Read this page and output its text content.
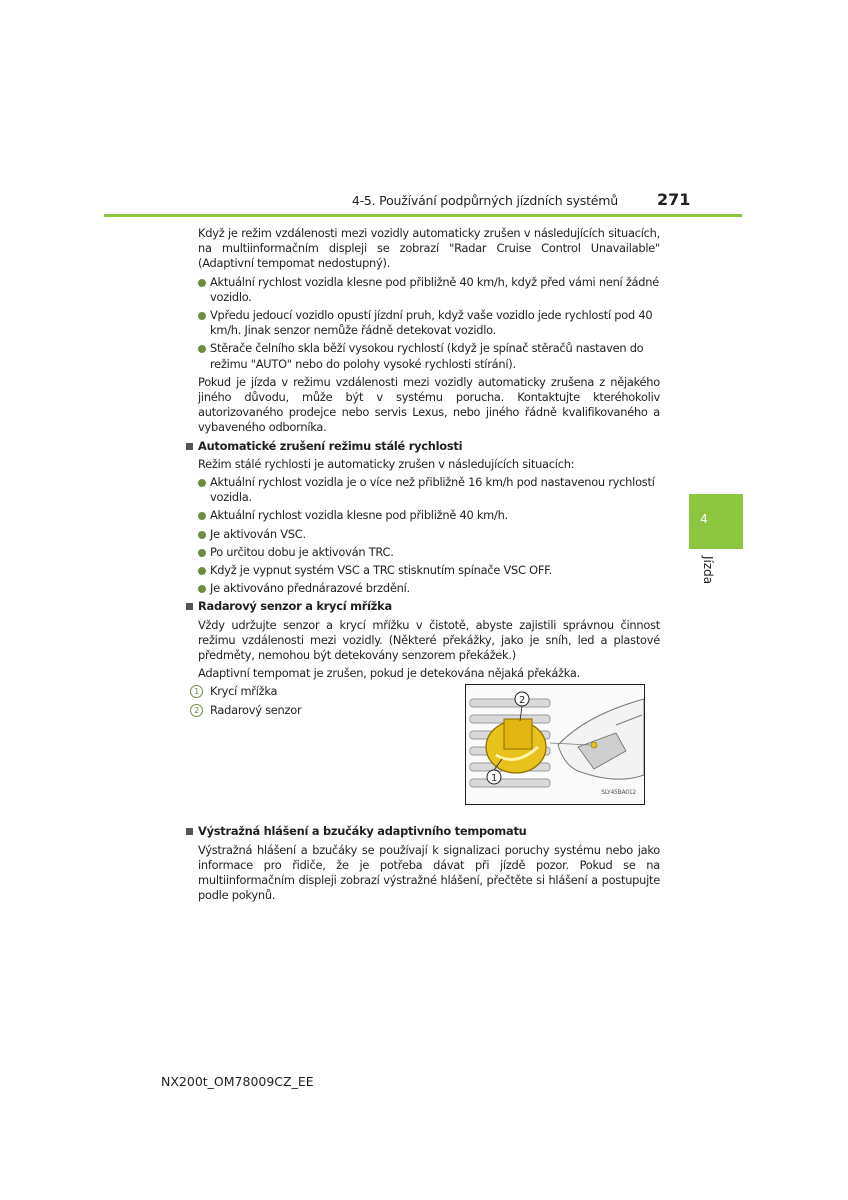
4-5. Používání podpůrných jízdních systémů 271
4
Jízda

Když je režim vzdálenosti mezi vozidly automaticky zrušen v následujících situacích, na multiinformačním displeji se zobrazí "Radar Cruise Control Unavailable" (Adaptivní tempomat nedostupný).

Aktuální rychlost vozidla klesne pod přibližně 40 km/h, když před vámi není žádné vozidlo.
Vpředu jedoucí vozidlo opustí jízdní pruh, když vaše vozidlo jede rychlostí pod 40 km/h. Jinak senzor nemůže řádně detekovat vozidlo.
Stěrače čelního skla běží vysokou rychlostí (když je spínač stěračů nastaven do režimu "AUTO" nebo do polohy vysoké rychlosti stírání).

Pokud je jízda v režimu vzdálenosti mezi vozidly automaticky zrušena z nějakého jiného důvodu, může být v systému porucha. Kontaktujte kteréhokoliv autorizovaného prodejce nebo servis Lexus, nebo jiného řádně kvalifikovaného a vybaveného odborníka.

Automatické zrušení režimu stálé rychlosti

Režim stálé rychlosti je automaticky zrušen v následujících situacích:

Aktuální rychlost vozidla je o více než přibližně 16 km/h pod nastavenou rychlostí vozidla.
Aktuální rychlost vozidla klesne pod přibližně 40 km/h.
Je aktivován VSC.
Po určitou dobu je aktivován TRC.
Když je vypnut systém VSC a TRC stisknutím spínače VSC OFF.
Je aktivováno přednárazové brzdění.
Radarový senzor a krycí mřížka

Vždy udržujte senzor a krycí mřížku v čistotě, abyste zajistili správnou činnost režimu vzdálenosti mezi vozidly. (Některé překážky, jako je sníh, led a plastové předměty, nemohou být detekovány senzorem překážek.)

Adaptivní tempomat je zrušen, pokud je detekována nějaká překážka.

1 Krycí mřížka
2 Radarový senzor
2
1
SLY45BA012
Výstražná hlášení a bzučáky adaptivního tempomatu

Výstražná hlášení a bzučáky se používají k signalizaci poruchy systému nebo jako informace pro řidiče, že je potřeba dávat při jízdě pozor. Pokud se na multiinformačním displeji zobrazí výstražné hlášení, přečtěte si hlášení a postupujte podle pokynů.

NX200t_OM78009CZ_EE
